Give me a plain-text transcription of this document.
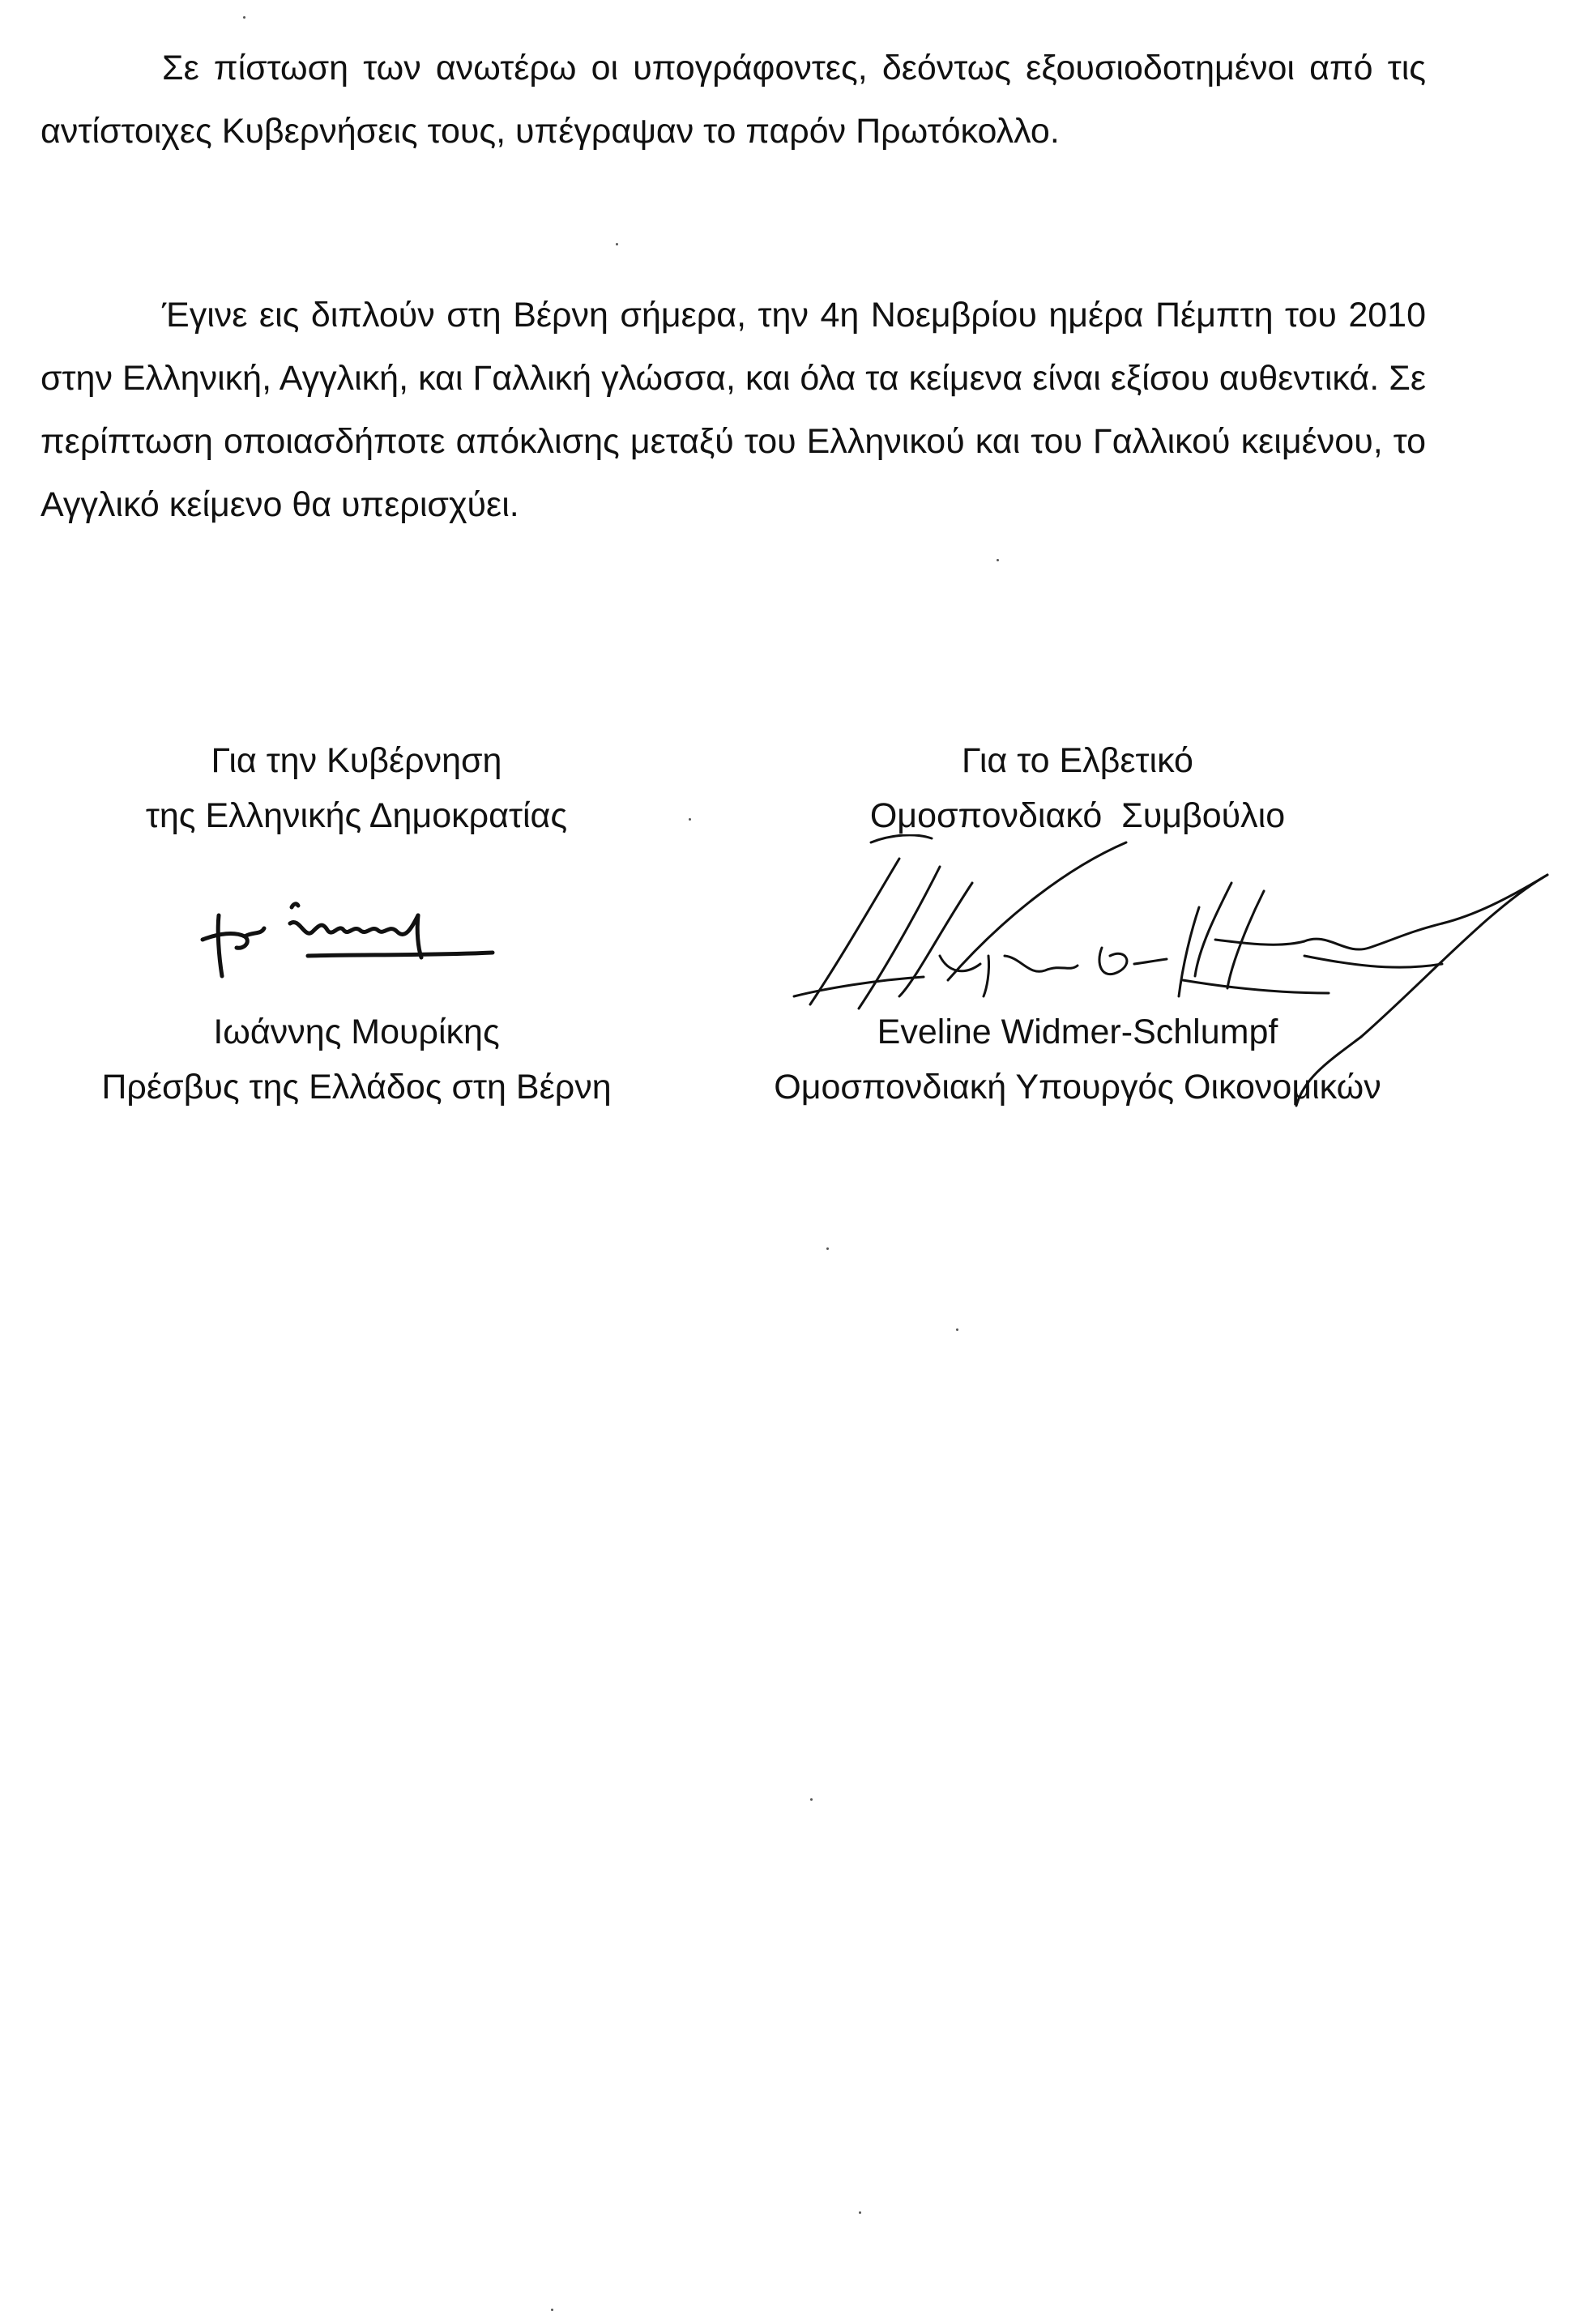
Σε πίστωση των ανωτέρω οι υπογράφοντες, δεόντως εξουσιοδοτημένοι από τις αντίστοιχες Κυβερνήσεις τους, υπέγραψαν το παρόν Πρωτόκολλο.

Έγινε εις διπλούν στη Βέρνη σήμερα, την 4η Νοεμβρίου ημέρα Πέμπτη του 2010 στην Ελληνική, Αγγλική, και Γαλλική γλώσσα, και όλα τα κείμενα είναι εξίσου αυθεντικά. Σε περίπτωση οποιασδήποτε απόκλισης μεταξύ του Ελληνικού και του Γαλλικού κειμένου, το Αγγλικό κείμενο θα υπερισχύει.

Για την Κυβέρνηση
της Ελληνικής Δημοκρατίας
Για το Ελβετικό
Ομοσπονδιακό  Συμβούλιο
Ιωάννης Μουρίκης
Πρέσβυς της Ελλάδος στη Βέρνη
Eveline Widmer-Schlumpf
Ομοσπονδιακή Υπουργός Οικονομικών
